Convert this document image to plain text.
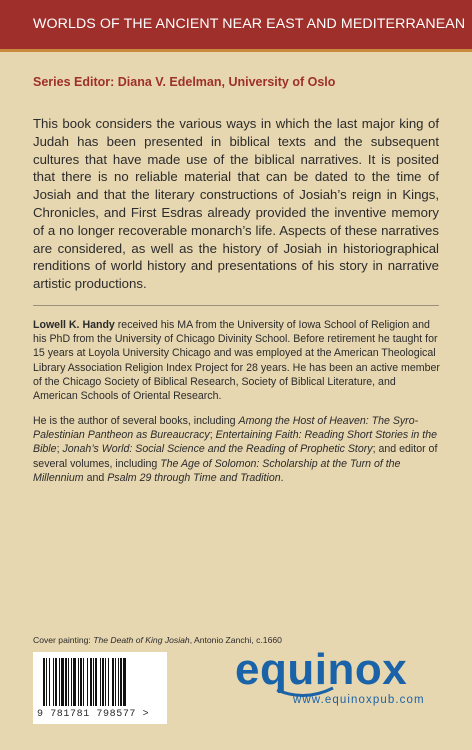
WORLDS OF THE ANCIENT NEAR EAST AND MEDITERRANEAN
Series Editor: Diana V. Edelman, University of Oslo

This book considers the various ways in which the last major king of Judah has been presented in biblical texts and the subsequent cultures that have made use of the biblical narratives. It is posited that there is no reliable material that can be dated to the time of Josiah and that the literary constructions of Josiah’s reign in Kings, Chronicles, and First Esdras already provided the inventive memory of a no longer recoverable monarch’s life. Aspects of these narratives are considered, as well as the history of Josiah in historiographical renditions of world history and presentations of his story in narrative artistic productions.

Lowell K. Handy received his MA from the University of Iowa School of Religion and his PhD from the University of Chicago Divinity School. Before retirement he taught for 15 years at Loyola University Chicago and was employed at the American Theological Library Association Religion Index Project for 28 years. He has been an active member of the Chicago Society of Biblical Research, Society of Biblical Literature, and American Schools of Oriental Research.

He is the author of several books, including Among the Host of Heaven: The Syro-Palestinian Pantheon as Bureaucracy; Entertaining Faith: Reading Short Stories in the Bible; Jonah’s World: Social Science and the Reading of Prophetic Story; and editor of several volumes, including The Age of Solomon: Scholarship at the Turn of the Millennium and Psalm 29 through Time and Tradition.

Cover painting: The Death of King Josiah, Antonio Zanchi, c.1660
9 781781 798577 >
equinox
www.equinoxpub.com
